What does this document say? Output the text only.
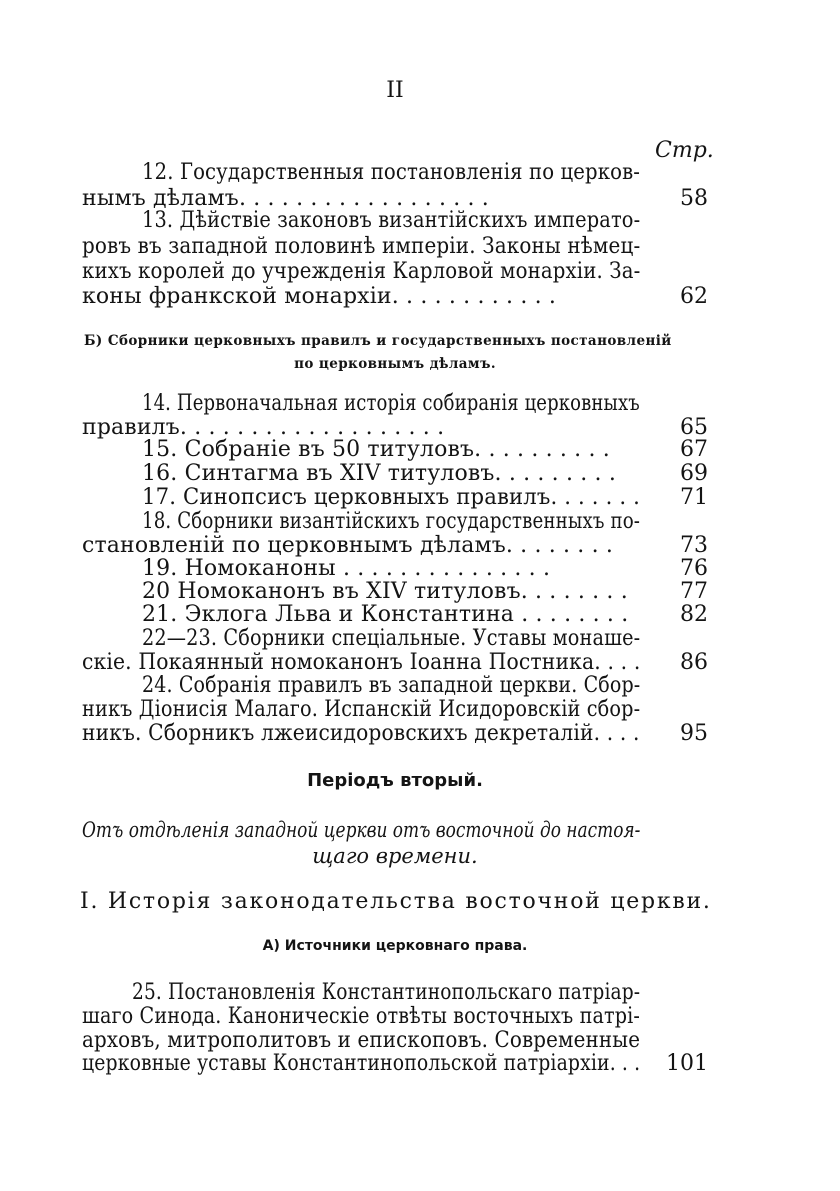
II
Стр.
12. Государственныя постановленія по церков-
нымъ дѣламъ. . . . . . . . . . . . . . . . . .	58
13. Дѣйствіе законовъ византійскихъ императо-
ровъ въ западной половинѣ имперіи. Законы нѣмец-
кихъ королей до учрежденія Карловой монархіи. За-
коны франкской монархіи. . . . . . . . . . . .	62
Б) Сборники церковныхъ правилъ и государственныхъ постановленій
по церковнымъ дѣламъ.
14. Первоначальная исторія собиранія церковныхъ
правилъ. . . . . . . . . . . . . . . . . . .	65
15. Собраніе въ 50 титуловъ. . . . . . . . . .	67
16. Синтагма въ XIV титуловъ. . . . . . . . .	69
17. Синопсисъ церковныхъ правилъ. . . . . . .	71
18. Сборники византійскихъ государственныхъ по-
становленій по церковнымъ дѣламъ. . . . . . . .	73
19. Номоканоны . . . . . . . . . . . . . . .	76
20 Номоканонъ въ XIV титуловъ. . . . . . . .	77
21. Эклога Льва и Константина . . . . . . . .	82
22—23. Сборники спеціальные. Уставы монаше-
скіе. Покаянный номоканонъ Іоанна Постника. . . .	86
24. Собранія правилъ въ западной церкви. Сбор-
никъ Діонисія Малаго. Испанскій Исидоровскій сбор-
никъ. Сборникъ лжеисидоровскихъ декреталій. . . .	95
Періодъ вторый.
Отъ отдѣленія западной церкви отъ восточной до настоя-
щаго времени.
I. Исторія законодательства восточной церкви.
А) Источники церковнаго права.
25. Постановленія Константинопольскаго патріар-
шаго Синода. Каноническіе отвѣты восточныхъ патрі-
арховъ, митрополитовъ и епископовъ. Современные
церковные уставы Константинопольской патріархіи. . .	101
